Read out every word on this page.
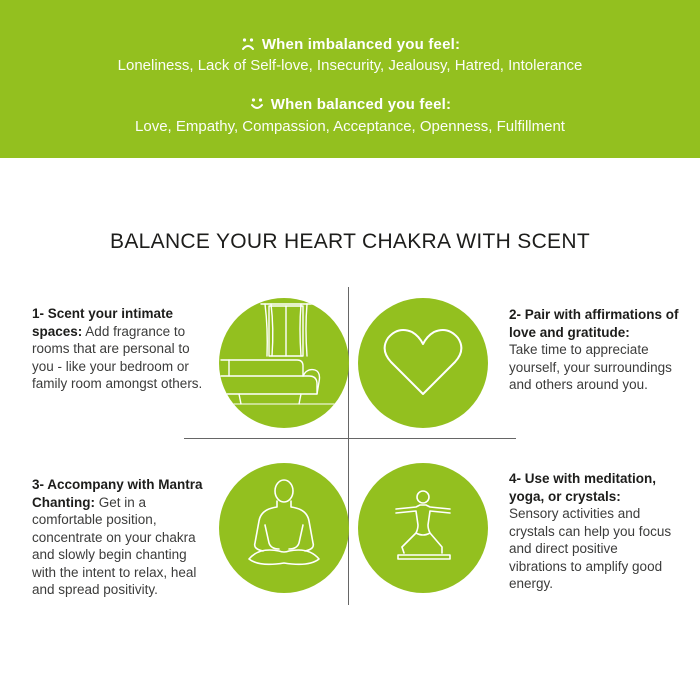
When imbalanced you feel:
Loneliness, Lack of Self-love, Insecurity, Jealousy, Hatred, Intolerance
When balanced you feel:
Love, Empathy, Compassion, Acceptance, Openness, Fulfillment
BALANCE YOUR HEART CHAKRA WITH SCENT
1- Scent your intimate spaces: Add fragrance to rooms that are personal to you - like your bedroom or family room amongst others.
2- Pair with affirmations of love and gratitude:
Take time to appreciate yourself, your surroundings and others around you.
3- Accompany with Mantra Chanting: Get in a comfortable position, concentrate on your chakra and slowly begin chanting with the intent to relax, heal and spread positivity.
4- Use with meditation, yoga, or crystals:
Sensory activities and crystals can help you focus and direct positive vibrations to amplify good energy.
